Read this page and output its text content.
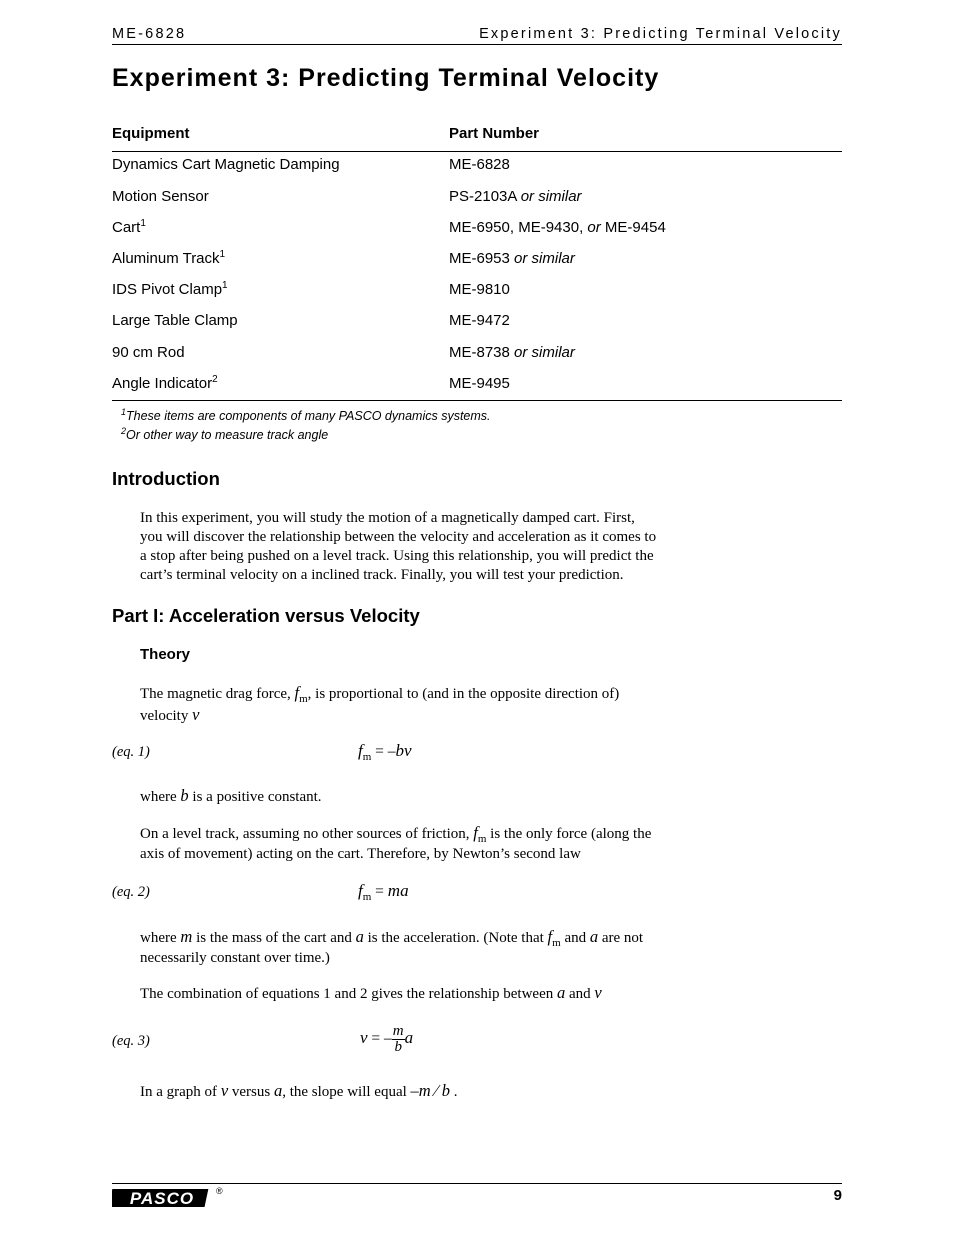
ME-6828	Experiment 3: Predicting Terminal Velocity
Experiment 3: Predicting Terminal Velocity
Equipment	Part Number
Dynamics Cart Magnetic Damping	ME-6828
Motion Sensor	PS-2103A or similar
Cart$^1$	ME-6950, ME-9430, or ME-9454
Aluminum Track$^1$	ME-6953 or similar
IDS Pivot Clamp$^1$	ME-9810
Large Table Clamp	ME-9472
90 cm Rod	ME-8738 or similar
Angle Indicator$^2$	ME-9495
$^1$These items are components of many PASCO dynamics systems.
$^2$Or other way to measure track angle
Introduction

In this experiment, you will study the motion of a magnetically damped cart. First,

you will discover the relationship between the velocity and acceleration as it comes to

a stop after being pushed on a level track. Using this relationship, you will predict the

cart’s terminal velocity on a inclined track. Finally, you will test your prediction.

Part I: Acceleration versus Velocity
Theory

The magnetic drag force, $f_m$, is proportional to (and in the opposite direction of)

velocity v

(eq. 1)	$f_m = -bv$

where b is a positive constant.

On a level track, assuming no other sources of friction, $f_m$ is the only force (along the

axis of movement) acting on the cart. Therefore, by Newton’s second law

(eq. 2)	$f_m$ = ma

where m is the mass of the cart and a is the acceleration. (Note that $f_m$ and a are not

necessarily constant over time.)

The combination of equations 1 and 2 gives the relationship between a and v

(eq. 3)	v = – $\frac{m}{b}$ a

In a graph of v versus a, the slope will equal –m ⁄ b .

PASCO ®	9
